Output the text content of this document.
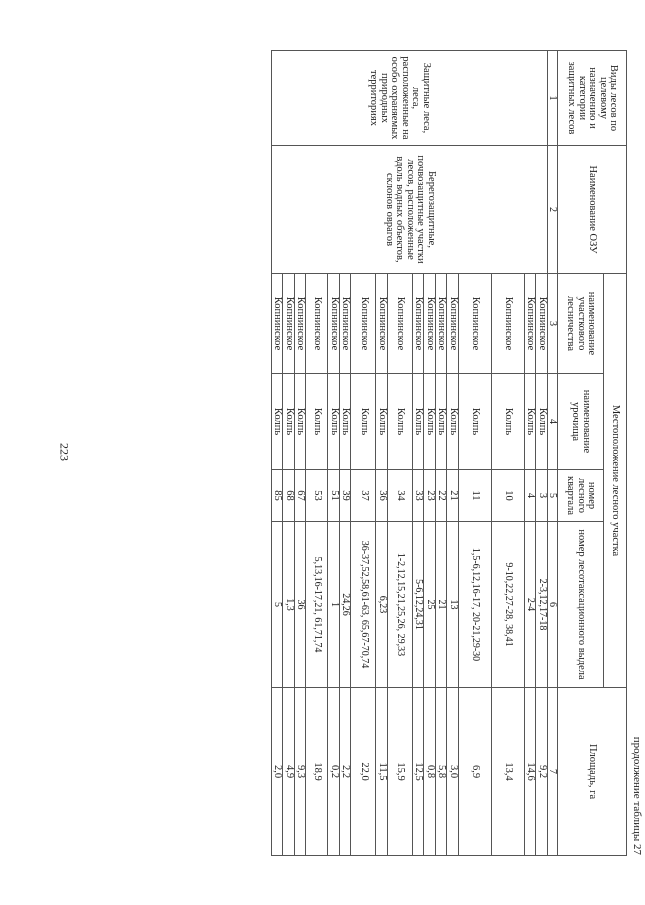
223
продолжение таблицы 27
Виды лесов по целевому назначению и категории защитных лесов	Наименование ОЗУ	Местоположение лесного участка				Площадь, га
		наименование участкового лесничества	наименование урочища	номер лесного квартала	номер лесотаксационного выдела	
1	2	3	4	5	6	7
Защитные леса, леса, расположенные на особо охраняемых природных территориях	Берегозащитные, почвозащитные участки лесов, расположенные вдоль водных объектов, склонов оврагов	Копнинское	Колпь	3	2-3,12,17-18	9,2
		Копнинское	Колпь	4	2-4	14,6
		Копнинское	Колпь	10	9-10,22,27-28, 38,41	13,4
		Копнинское	Колпь	11	1,5-6,12,16-17, 20-21,29-30	6,9
		Копнинское	Колпь	21	13	3,0
		Копнинское	Колпь	22	21	5,8
		Копнинское	Колпь	23	25	0,8
		Копнинское	Колпь	33	5-6,12,24,31	12,5
		Копнинское	Колпь	34	1-2,12,15,21,25,26, 29,33	15,9
		Копнинское	Колпь	36	6,23	11,5
		Копнинское	Колпь	37	36-37,52,58,61-63, 65,67-70,74	22,0
		Копнинское	Колпь	39	24,26	2,2
		Копнинское	Колпь	51	1	0,2
		Копнинское	Колпь	53	5,13,16-17,21, 61,71,74	18,9
		Копнинское	Колпь	67	36	9,3
		Копнинское	Колпь	68	1,3	4,9
		Копнинское	Колпь	85	5	2,0
